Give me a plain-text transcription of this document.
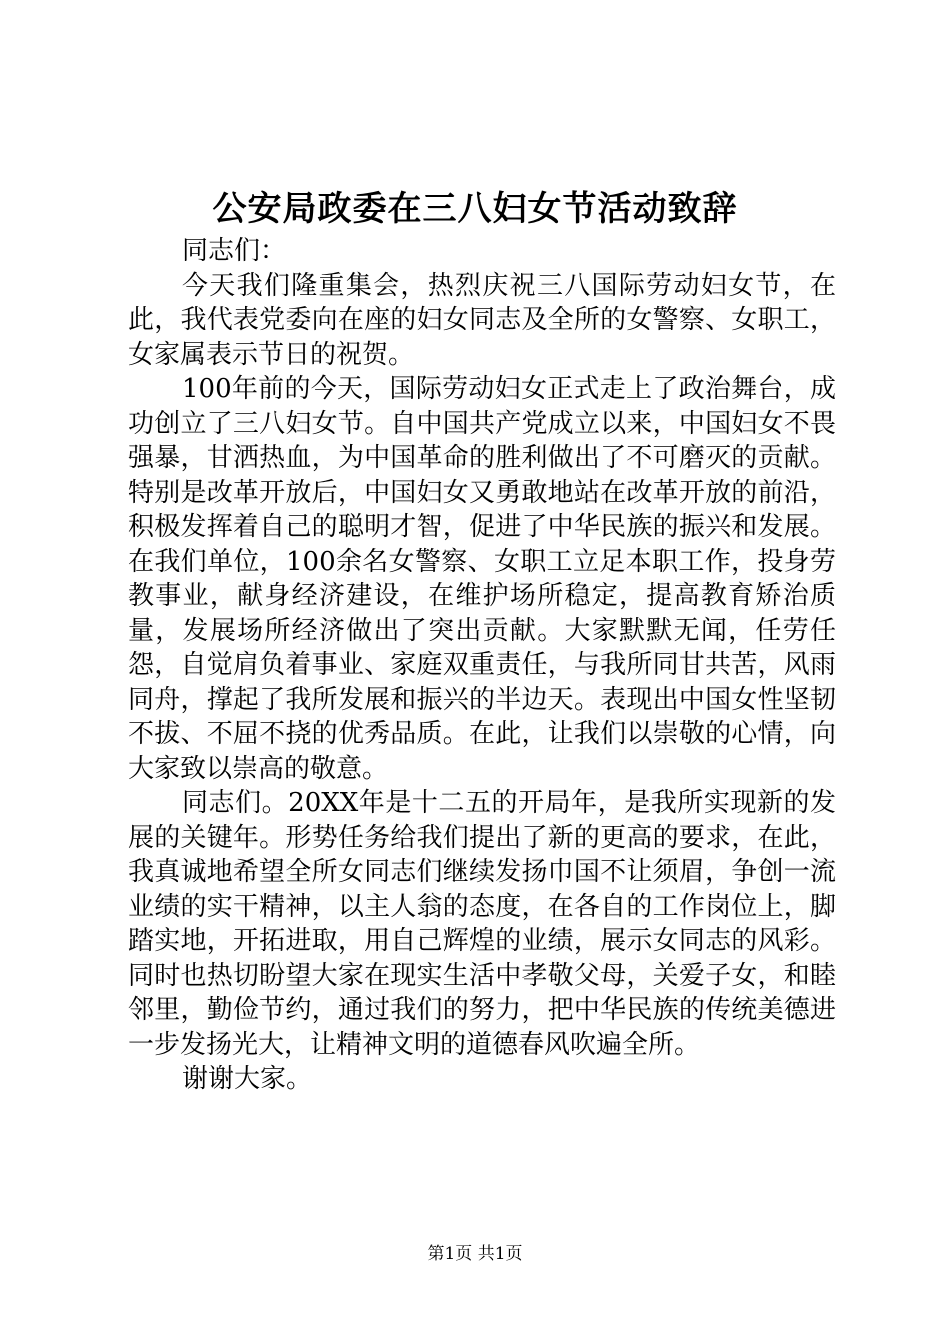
公安局政委在三八妇女节活动致辞

同志们：

今天我们隆重集会，热烈庆祝三八国际劳动妇女节，在此，我代表党委向在座的妇女同志及全所的女警察、女职工，女家属表示节日的祝贺。

100年前的今天，国际劳动妇女正式走上了政治舞台，成功创立了三八妇女节。自中国共产党成立以来，中国妇女不畏强暴，甘洒热血，为中国革命的胜利做出了不可磨灭的贡献。特别是改革开放后，中国妇女又勇敢地站在改革开放的前沿，积极发挥着自己的聪明才智，促进了中华民族的振兴和发展。在我们单位，100余名女警察、女职工立足本职工作，投身劳教事业，献身经济建设，在维护场所稳定，提高教育矫治质量，发展场所经济做出了突出贡献。大家默默无闻，任劳任怨，自觉肩负着事业、家庭双重责任，与我所同甘共苦，风雨同舟，撑起了我所发展和振兴的半边天。表现出中国女性坚韧不拔、不屈不挠的优秀品质。在此，让我们以崇敬的心情，向大家致以崇高的敬意。

同志们。20XX年是十二五的开局年，是我所实现新的发展的关键年。形势任务给我们提出了新的更高的要求，在此，我真诚地希望全所女同志们继续发扬巾国不让须眉，争创一流业绩的实干精神，以主人翁的态度，在各自的工作岗位上，脚踏实地，开拓进取，用自己辉煌的业绩，展示女同志的风彩。同时也热切盼望大家在现实生活中孝敬父母，关爱子女，和睦邻里，勤俭节约，通过我们的努力，把中华民族的传统美德进一步发扬光大，让精神文明的道德春风吹遍全所。

谢谢大家。

第1页 共1页
